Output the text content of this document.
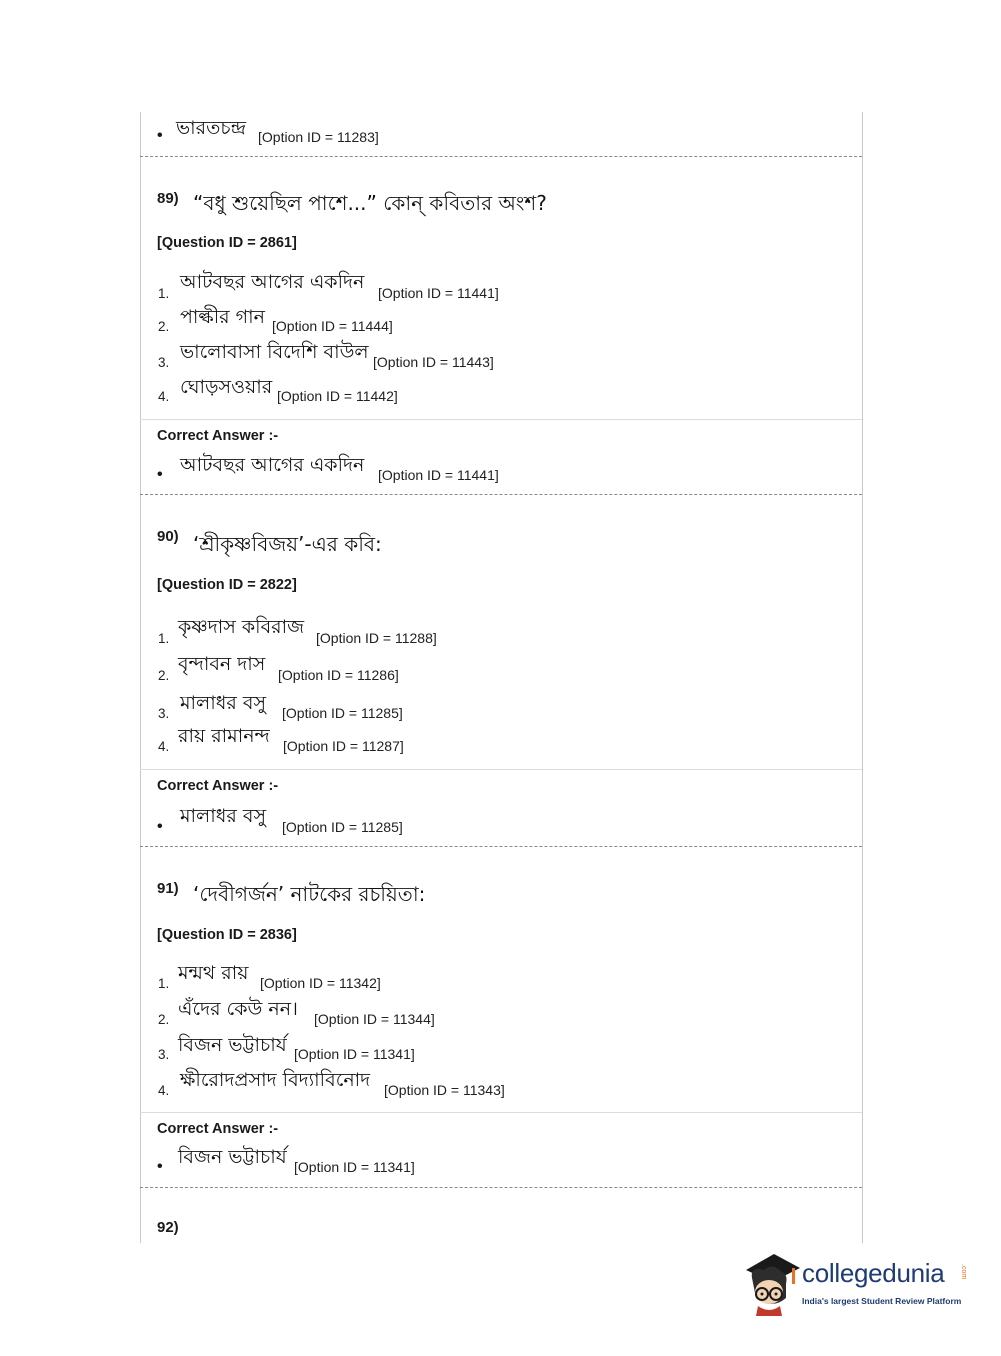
• ভারতচন্দ্র [Option ID = 11283]
89) “বধু শুয়েছিল পাশে...” কোন্‌ কবিতার অংশ?
[Question ID = 2861]
1.
আটবছর আগের একদিন [Option ID = 11441]
2. পাল্কীর গান [Option ID = 11444]
3. ভালোবাসা বিদেশি বাউল [Option ID = 11443]
4. ঘোড়সওয়ার [Option ID = 11442]
Correct Answer :-
• আটবছর আগের একদিন [Option ID = 11441]
90) ‘শ্রীকৃষ্ণবিজয়’-এর কবি:
[Question ID = 2822]
1.
কৃষ্ণদাস কবিরাজ [Option ID = 11288]
2.
বৃন্দাবন দাস [Option ID = 11286]
3. মালাধর বসু [Option ID = 11285]
4. রায় রামানন্দ [Option ID = 11287]
Correct Answer :-
• মালাধর বসু [Option ID = 11285]
91) ‘দেবীগর্জন’ নাটকের রচয়িতা:
[Question ID = 2836]
1. মন্মথ রায় [Option ID = 11342]
2. এঁদের কেউ নন। [Option ID = 11344]
3. বিজন ভট্টাচার্য [Option ID = 11341]
4. ক্ষীরোদপ্রসাদ বিদ্যাবিনোদ [Option ID = 11343]
Correct Answer :-
• বিজন ভট্টাচার্য [Option ID = 11341]
92)
collegedunia .com
India's largest Student Review Platform
